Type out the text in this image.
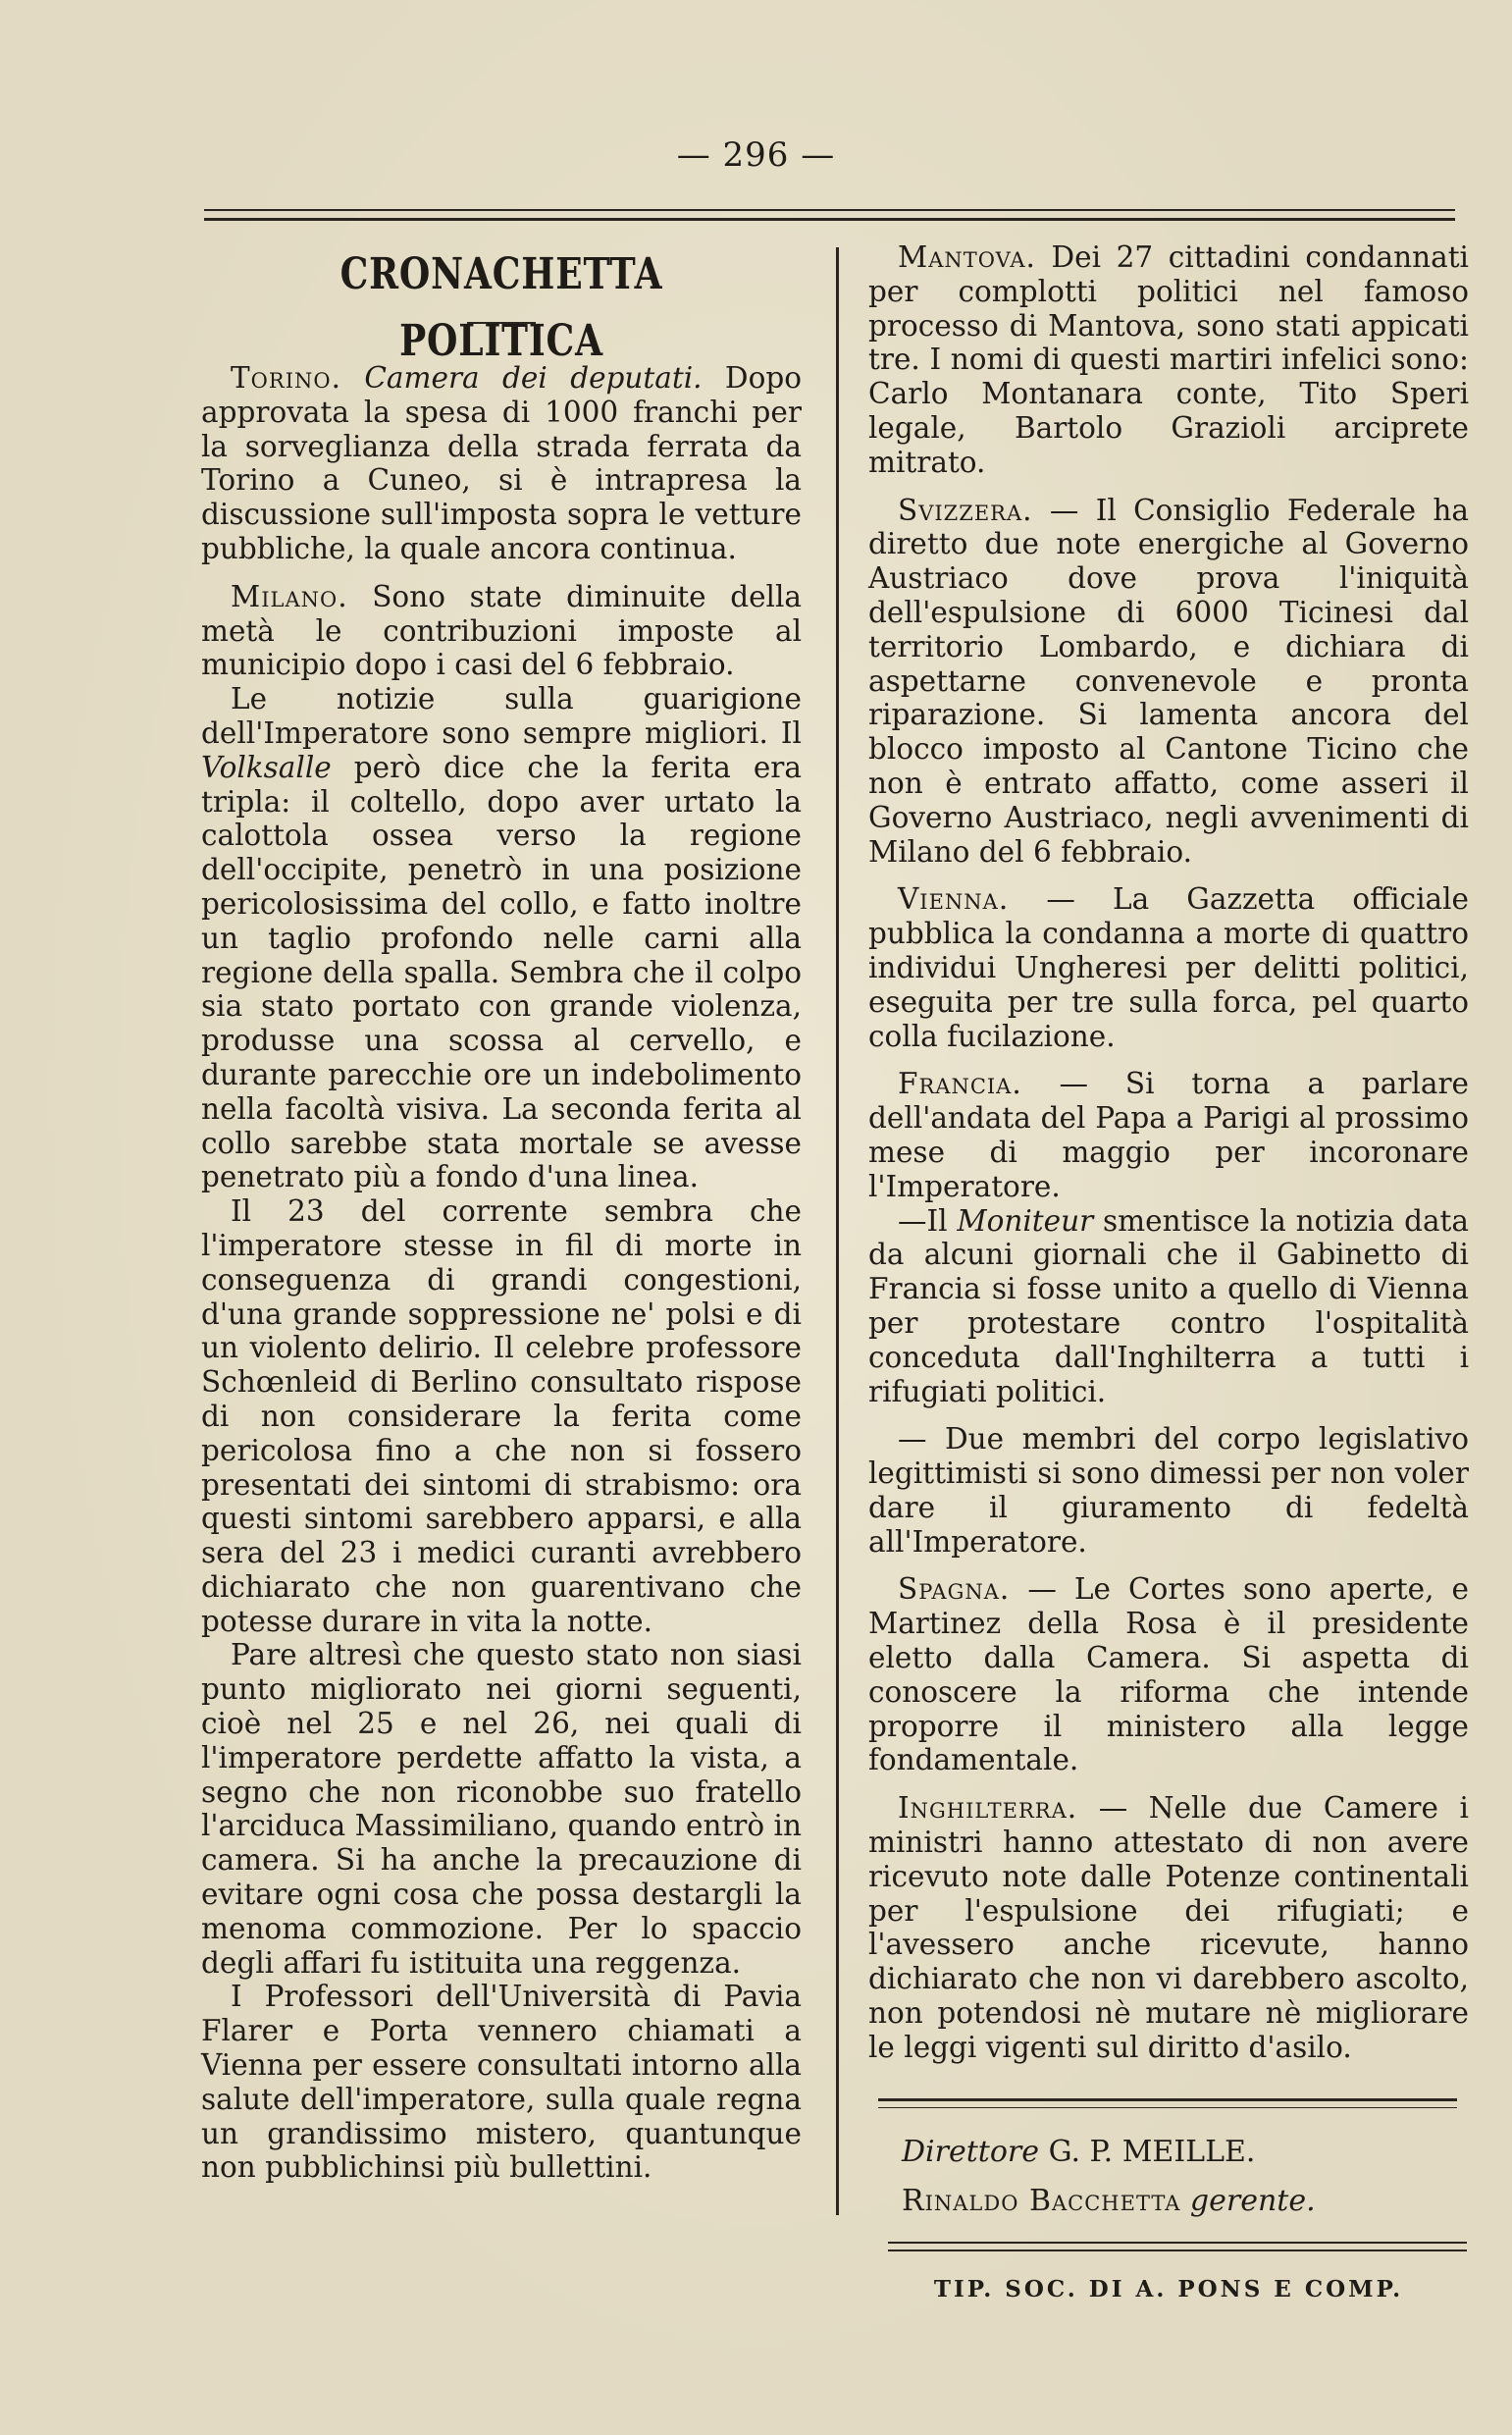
— 296 —
CRONACHETTA POLITICA

Torino. Camera dei deputati. Dopo approvata la spesa di 1000 franchi per la sorveglianza della strada ferrata da Torino a Cuneo, si è intrapresa la discussione sull'imposta sopra le vetture pubbliche, la quale ancora continua.

Milano. Sono state diminuite della metà le contribuzioni imposte al municipio dopo i casi del 6 febbraio.

Le notizie sulla guarigione dell'Imperatore sono sempre migliori. Il Volksalle però dice che la ferita era tripla: il coltello, dopo aver urtato la calottola ossea verso la regione dell'occipite, penetrò in una posizione pericolosissima del collo, e fatto inoltre un taglio profondo nelle carni alla regione della spalla. Sembra che il colpo sia stato portato con grande violenza, produsse una scossa al cervello, e durante parecchie ore un indebolimento nella facoltà visiva. La seconda ferita al collo sarebbe stata mortale se avesse penetrato più a fondo d'una linea.

Il 23 del corrente sembra che l'imperatore stesse in fil di morte in conseguenza di grandi congestioni, d'una grande soppressione ne' polsi e di un violento delirio. Il celebre professore Schœnleid di Berlino consultato rispose di non considerare la ferita come pericolosa fino a che non si fossero presentati dei sintomi di strabismo: ora questi sintomi sarebbero apparsi, e alla sera del 23 i medici curanti avrebbero dichiarato che non guarentivano che potesse durare in vita la notte.

Pare altresì che questo stato non siasi punto migliorato nei giorni seguenti, cioè nel 25 e nel 26, nei quali di l'imperatore perdette affatto la vista, a segno che non riconobbe suo fratello l'arciduca Massimiliano, quando entrò in camera. Si ha anche la precauzione di evitare ogni cosa che possa destargli la menoma commozione. Per lo spaccio degli affari fu istituita una reggenza.

I Professori dell'Università di Pavia Flarer e Porta vennero chiamati a Vienna per essere consultati intorno alla salute dell'imperatore, sulla quale regna un grandissimo mistero, quantunque non pubblichinsi più bullettini.

Mantova. Dei 27 cittadini condannati per complotti politici nel famoso processo di Mantova, sono stati appicati tre. I nomi di questi martiri infelici sono: Carlo Montanara conte, Tito Speri legale, Bartolo Grazioli arciprete mitrato.

Svizzera. — Il Consiglio Federale ha diretto due note energiche al Governo Austriaco dove prova l'iniquità dell'espulsione di 6000 Ticinesi dal territorio Lombardo, e dichiara di aspettarne convenevole e pronta riparazione. Si lamenta ancora del blocco imposto al Cantone Ticino che non è entrato affatto, come asseri il Governo Austriaco, negli avvenimenti di Milano del 6 febbraio.

Vienna. — La Gazzetta officiale pubblica la condanna a morte di quattro individui Ungheresi per delitti politici, eseguita per tre sulla forca, pel quarto colla fucilazione.

Francia. — Si torna a parlare dell'andata del Papa a Parigi al prossimo mese di maggio per incoronare l'Imperatore.

—Il Moniteur smentisce la notizia data da alcuni giornali che il Gabinetto di Francia si fosse unito a quello di Vienna per protestare contro l'ospitalità conceduta dall'Inghilterra a tutti i rifugiati politici.

— Due membri del corpo legislativo legittimisti si sono dimessi per non voler dare il giuramento di fedeltà all'Imperatore.

Spagna. — Le Cortes sono aperte, e Martinez della Rosa è il presidente eletto dalla Camera. Si aspetta di conoscere la riforma che intende proporre il ministero alla legge fondamentale.

Inghilterra. — Nelle due Camere i ministri hanno attestato di non avere ricevuto note dalle Potenze continentali per l'espulsione dei rifugiati; e l'avessero anche ricevute, hanno dichiarato che non vi darebbero ascolto, non potendosi nè mutare nè migliorare le leggi vigenti sul diritto d'asilo.

Direttore G. P. MEILLE.
Rinaldo Bacchetta gerente.
TIP. SOC. DI A. PONS E COMP.
